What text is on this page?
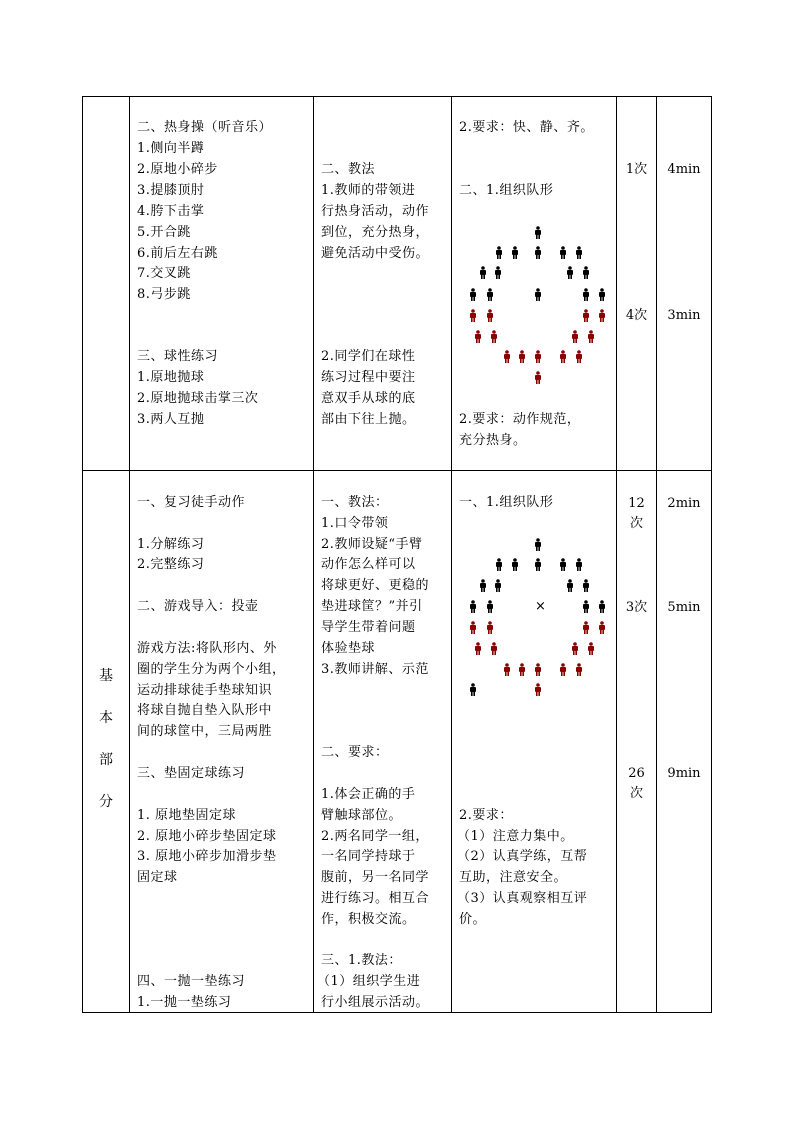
二、热身操（听音乐）
1.侧向半蹲
2.原地小碎步
3.提膝顶肘
4.胯下击掌
5.开合跳
6.前后左右跳
7.交叉跳
8.弓步跳
三、球性练习
1.原地抛球
2.原地抛球击掌三次
3.两人互抛
二、教法
1.教师的带领进
行热身活动，动作
到位，充分热身，
避免活动中受伤。
2.同学们在球性
练习过程中要注
意双手从球的底
部由下往上抛。
2.要求：快、静、齐。
二、1.组织队形
2.要求：动作规范，
充分热身。
1次
4次
4min
3min
基
本
部
分
一、复习徒手动作
1.分解练习
2.完整练习
二、游戏导入：投壶
游戏方法:将队形内、外
圈的学生分为两个小组，
运动排球徒手垫球知识
将球自抛自垫入队形中
间的球筐中，三局两胜
三、垫固定球练习
1. 原地垫固定球
2. 原地小碎步垫固定球
3. 原地小碎步加滑步垫
固定球
四、一抛一垫练习
1.一抛一垫练习
一、教法：
1.口令带领
2.教师设疑“手臂
动作怎么样可以
将球更好、更稳的
垫进球筐？”并引
导学生带着问题
体验垫球
3.教师讲解、示范
二、要求：
1.体会正确的手
臂触球部位。
2.两名同学一组，
一名同学持球于
腹前，另一名同学
进行练习。相互合
作，积极交流。
三、1.教法：
（1）组织学生进
行小组展示活动。
一、1.组织队形
×
2.要求：
（1）注意力集中。
（2）认真学练，互帮
互助，注意安全。
（3）认真观察相互评
价。
12
次
3次
26
次
2min
5min
9min
